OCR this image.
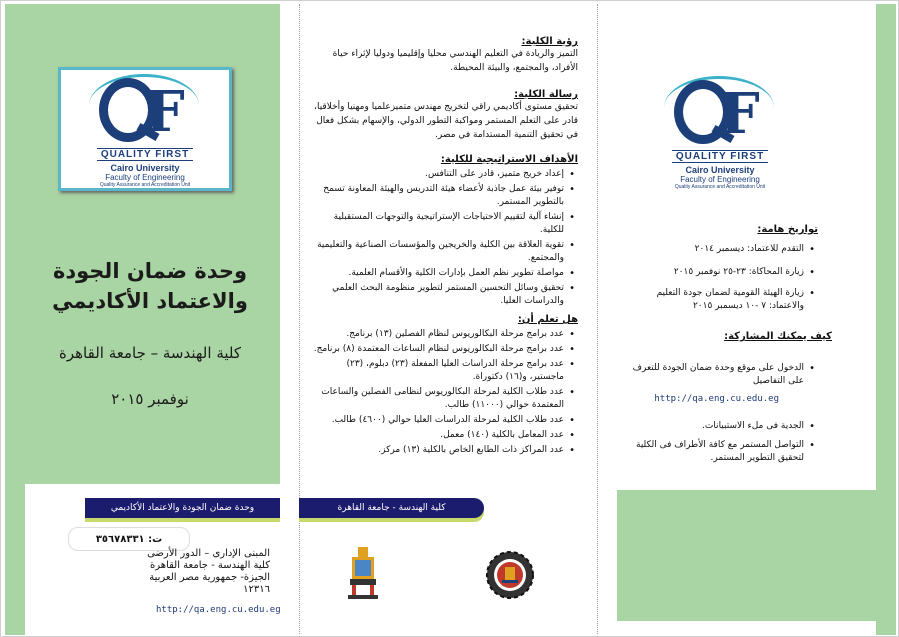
F
QUALITY FIRST
Cairo University
Faculty of Engineering
Quality Assurance and Accreditation Unit
وحدة ضمان الجودة
والاعتماد الأكاديمي
كلية الهندسة – جامعة القاهرة
نوفمبر ٢٠١٥
وحدة ضمان الجودة والاعتماد الأكاديمي
ت: ٣٥٦٧٨٣٣١
المبنى الإدارى – الدور الأرضى
كلية الهندسة - جامعة القاهرة
الجيزة- جمهورية مصر العربية
١٢٣١٦
http://qa.eng.cu.edu.eg

رؤية الكلية:

التميز والريادة في التعليم الهندسي محليا وإقليميا ودوليا لإثراء حياة الأفراد، والمجتمع، والبيئة المحيطة.

رسالة الكلية:

تحقيق مستوى أكاديمي راقي لتخريج مهندس متميزعلميا ومهنيا وأخلاقيا، قادر على التعلم المستمر ومواكبة التطور الدولي، والإسهام بشكل فعال في تحقيق التنمية المستدامة في مصر.

الأهداف الاستراتيجية للكلية:

• إعداد خريج متميز، قادر على التنافس.
• توفير بيئة عمل جاذبة لأعضاء هيئة التدريس والهيئة المعاونة تسمح بالتطوير المستمر.
• إنشاء آلية لتقييم الاحتياجات الإستراتيجية والتوجهات المستقبلية للكلية.
• تقوية العلاقة بين الكلية والخريجين والمؤسسات الصناعية والتعليمية والمجتمع.
• مواصلة تطوير نظم العمل بإدارات الكلية والأقسام العلمية.
• تحقيق وسائل التحسين المستمر لتطوير منظومة البحث العلمي والدراسات العليا.

هل تعلم أن:

• عدد برامج مرحلة البكالوريوس لنظام الفصلين (١٣) برنامج.
• عدد برامج مرحلة البكالوريوس لنظام الساعات المعتمدة (٨) برنامج.
• عدد برامج مرحلة الدراسات العليا المفعلة (٢٣) دبلوم، (٢٣) ماجستير، و(١٦) دكتوراة.
• عدد طلاب الكلية لمرحلة البكالوريوس لنظامى الفصلين والساعات المعتمدة حوالي (١١٠٠٠) طالب.
• عدد طلاب الكلية لمرحلة الدراسات العليا حوالي (٤٦٠٠) طالب.
• عدد المعامل بالكلية (١٤٠) معمل.
• عدد المراكز ذات الطابع الخاص بالكلية (١٣) مركز.
كلية الهندسة - جامعة القاهرة
F
QUALITY FIRST
Cairo University
Faculty of Engineering
Quality Assurance and Accreditation Unit

تواريخ هامة:

• التقدم للاعتماد: ديسمبر ٢٠١٤
• زيارة المحاكاة: ٢٣-٢٥ نوفمبر ٢٠١٥
• زيارة الهيئة القومية لضمان جودة التعليم والاعتماد: ٧ -١٠ ديسمبر ٢٠١٥

كيف يمكنك المشاركة:

• الدخول على موقع وحدة ضمان الجودة للتعرف على التفاصيل
http://qa.eng.cu.edu.eg
• الجدية فى ملء الاستبيانات.
• التواصل المستمر مع كافة الأطراف فى الكلية لتحقيق التطوير المستمر.
